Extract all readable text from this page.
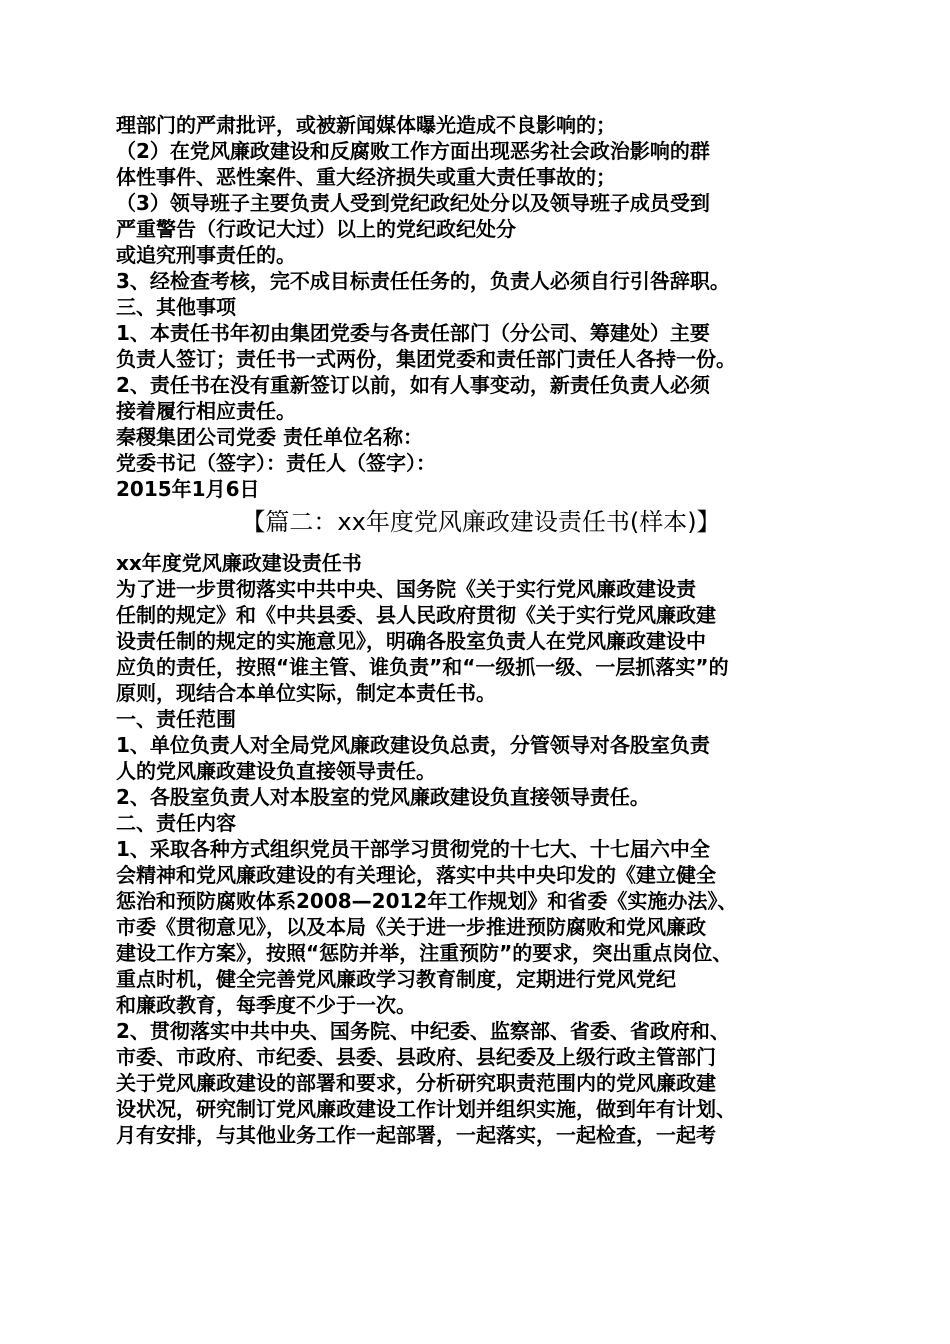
理部门的严肃批评，或被新闻媒体曝光造成不良影响的；
（2）在党风廉政建设和反腐败工作方面出现恶劣社会政治影响的群
体性事件、恶性案件、重大经济损失或重大责任事故的；
（3）领导班子主要负责人受到党纪政纪处分以及领导班子成员受到
严重警告（行政记大过）以上的党纪政纪处分
或追究刑事责任的。
3、经检查考核，完不成目标责任任务的，负责人必须自行引咎辞职。
三、其他事项
1、本责任书年初由集团党委与各责任部门（分公司、筹建处）主要
负责人签订；责任书一式两份，集团党委和责任部门责任人各持一份。
2、责任书在没有重新签订以前，如有人事变动，新责任负责人必须
接着履行相应责任。
秦稷集团公司党委 责任单位名称：
党委书记（签字）：责任人（签字）：
2015年1月6日
【篇二：xx年度党风廉政建设责任书(样本)】
xx年度党风廉政建设责任书
为了进一步贯彻落实中共中央、国务院《关于实行党风廉政建设责
任制的规定》和《中共县委、县人民政府贯彻《关于实行党风廉政建
设责任制的规定的实施意见》，明确各股室负责人在党风廉政建设中
应负的责任，按照“谁主管、谁负责”和“一级抓一级、一层抓落实”的
原则，现结合本单位实际，制定本责任书。
一、责任范围
1、单位负责人对全局党风廉政建设负总责，分管领导对各股室负责
人的党风廉政建设负直接领导责任。
2、各股室负责人对本股室的党风廉政建设负直接领导责任。
二、责任内容
1、采取各种方式组织党员干部学习贯彻党的十七大、十七届六中全
会精神和党风廉政建设的有关理论，落实中共中央印发的《建立健全
惩治和预防腐败体系2008—2012年工作规划》和省委《实施办法》、
市委《贯彻意见》，以及本局《关于进一步推进预防腐败和党风廉政
建设工作方案》，按照“惩防并举，注重预防”的要求，突出重点岗位、
重点时机，健全完善党风廉政学习教育制度，定期进行党风党纪
和廉政教育，每季度不少于一次。
2、贯彻落实中共中央、国务院、中纪委、监察部、省委、省政府和、
市委、市政府、市纪委、县委、县政府、县纪委及上级行政主管部门
关于党风廉政建设的部署和要求，分析研究职责范围内的党风廉政建
设状况，研究制订党风廉政建设工作计划并组织实施，做到年有计划、
月有安排，与其他业务工作一起部署，一起落实，一起检查，一起考
